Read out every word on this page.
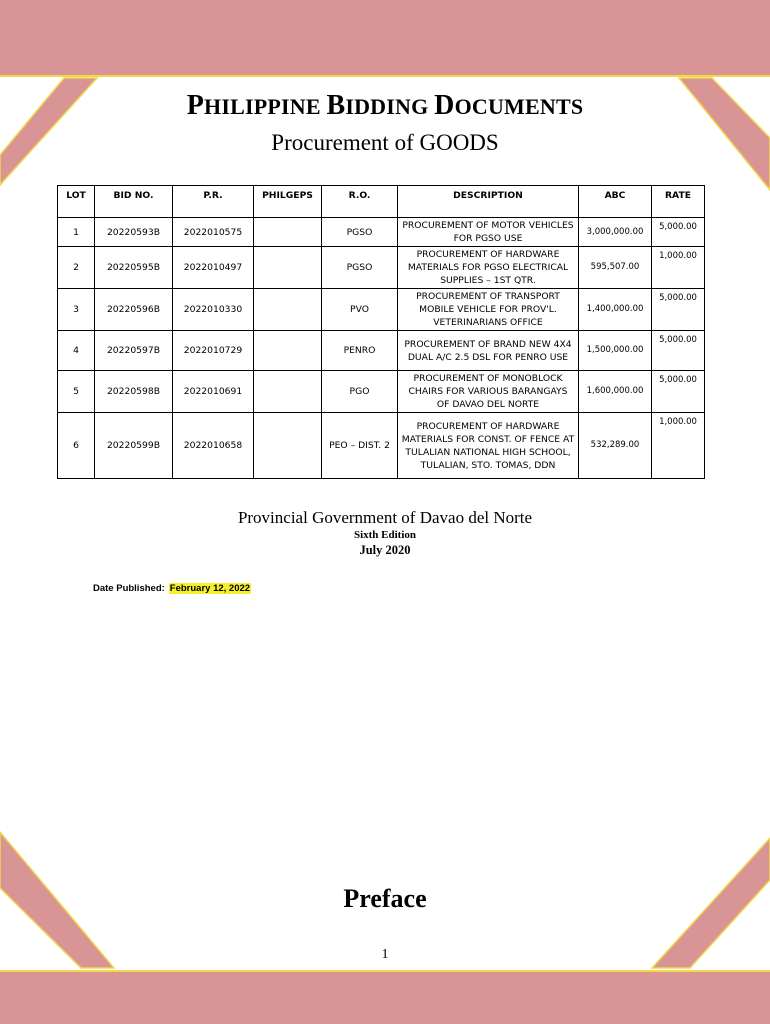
PHILIPPINE BIDDING DOCUMENTS
Procurement of GOODS
LOT	BID NO.	P.R.	PHILGEPS	R.O.	DESCRIPTION	ABC	RATE
1	20220593B	2022010575		PGSO	PROCUREMENT OF MOTOR VEHICLES FOR PGSO USE	3,000,000.00	5,000.00
2	20220595B	2022010497		PGSO	PROCUREMENT OF HARDWARE MATERIALS FOR PGSO ELECTRICAL SUPPLIES – 1ST QTR.	595,507.00	1,000.00
3	20220596B	2022010330		PVO	PROCUREMENT OF TRANSPORT MOBILE VEHICLE FOR PROV'L. VETERINARIANS OFFICE	1,400,000.00	5,000.00
4	20220597B	2022010729		PENRO	PROCUREMENT OF BRAND NEW 4X4 DUAL A/C 2.5 DSL FOR PENRO USE	1,500,000.00	5,000.00
5	20220598B	2022010691		PGO	PROCUREMENT OF MONOBLOCK CHAIRS FOR VARIOUS BARANGAYS OF DAVAO DEL NORTE	1,600,000.00	5,000.00
6	20220599B	2022010658		PEO – DIST. 2	PROCUREMENT OF HARDWARE MATERIALS FOR CONST. OF FENCE AT TULALIAN NATIONAL HIGH SCHOOL, TULALIAN, STO. TOMAS, DDN	532,289.00	1,000.00
Provincial Government of Davao del Norte
Sixth Edition
July 2020
Date Published: February 12, 2022
Preface
1
